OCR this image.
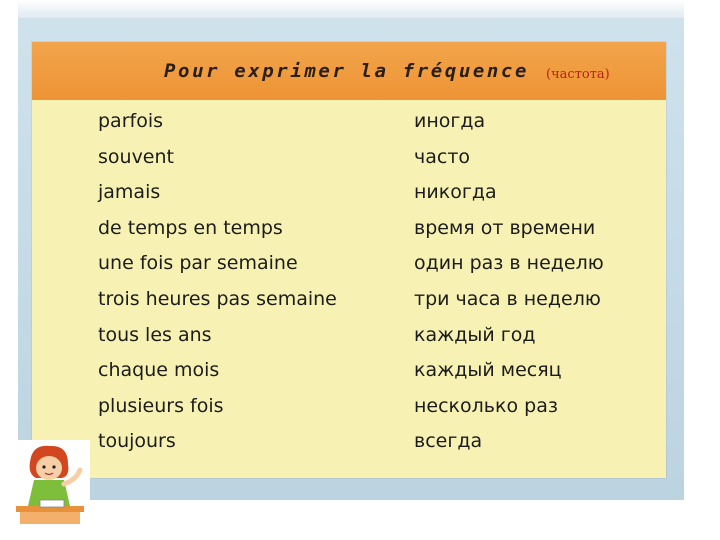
Pour exprimer la fréquence (частота)
parfois	иногда
souvent	часто
jamais	никогда
de temps en temps	время от времени
une fois par semaine	один раз в неделю
trois heures pas semaine	три часа в неделю
tous les ans	каждый год
chaque mois	каждый месяц
plusieurs fois	несколько раз
toujours	всегда
